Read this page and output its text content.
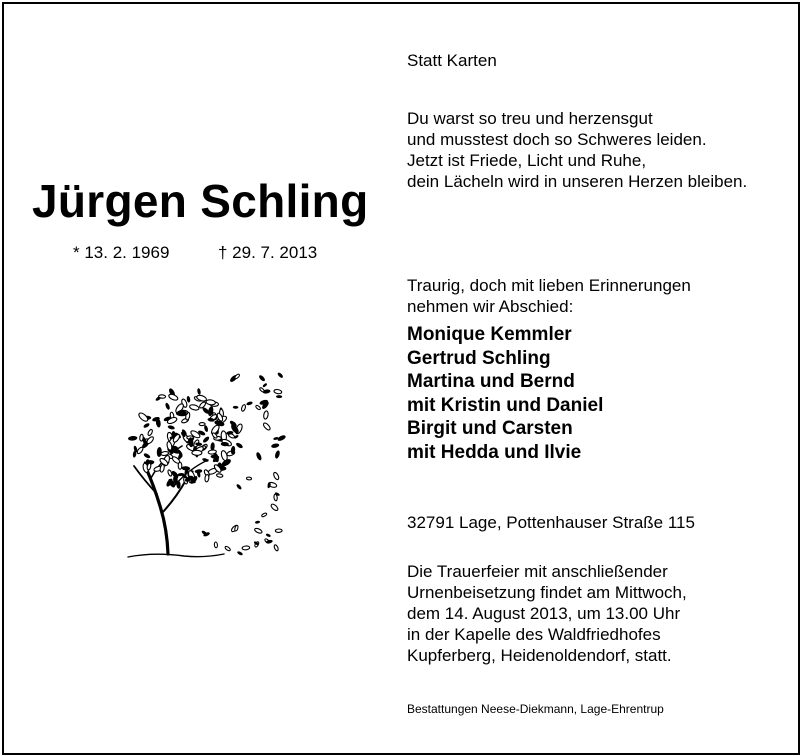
Jürgen Schling
* 13. 2. 1969	† 29. 7. 2013
Statt Karten
Du warst so treu und herzensgut
und musstest doch so Schweres leiden.
Jetzt ist Friede, Licht und Ruhe,
dein Lächeln wird in unseren Herzen bleiben.
Traurig, doch mit lieben Erinnerungen
nehmen wir Abschied:
Monique Kemmler
Gertrud Schling
Martina und Bernd
mit Kristin und Daniel
Birgit und Carsten
mit Hedda und Ilvie
32791 Lage, Pottenhauser Straße 115
Die Trauerfeier mit anschließender
Urnenbeisetzung findet am Mittwoch,
dem 14. August 2013, um 13.00 Uhr
in der Kapelle des Waldfriedhofes
Kupferberg, Heidenoldendorf, statt.
Bestattungen Neese-Diekmann, Lage-Ehrentrup
